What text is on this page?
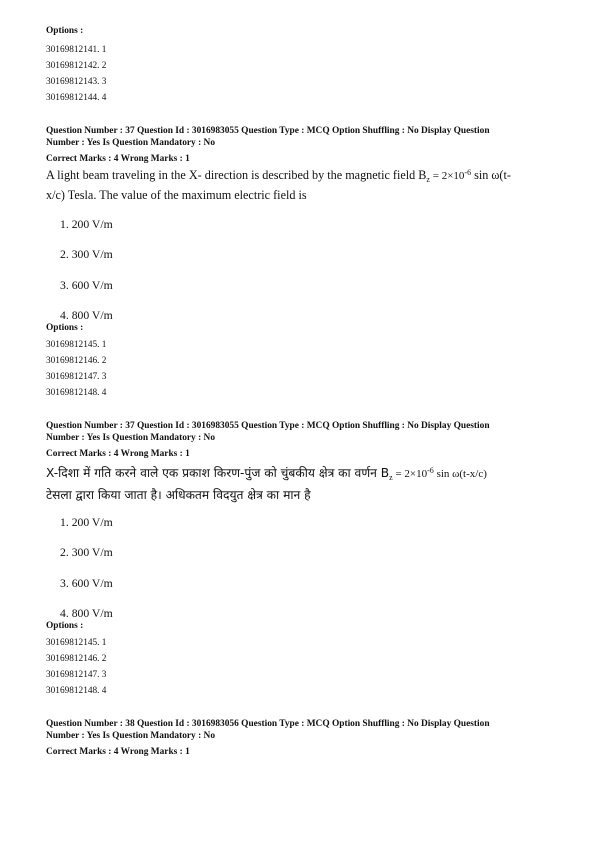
Options :
30169812141. 1
30169812142. 2
30169812143. 3
30169812144. 4
Question Number : 37 Question Id : 3016983055 Question Type : MCQ Option Shuffling : No Display Question
Number : Yes Is Question Mandatory : No
Correct Marks : 4 Wrong Marks : 1
A light beam traveling in the X- direction is described by the magnetic field $B_z = 2\times 10^{-6}$ sin ω(t-
x/c) Tesla. The value of the maximum electric field is
1. 200 V/m
2. 300 V/m
3. 600 V/m
4. 800 V/m
Options :
30169812145. 1
30169812146. 2
30169812147. 3
30169812148. 4
Question Number : 37 Question Id : 3016983055 Question Type : MCQ Option Shuffling : No Display Question
Number : Yes Is Question Mandatory : No
Correct Marks : 4 Wrong Marks : 1
X-दिशा में गति करने वाले एक प्रकाश किरण-पुंज को चुंबकीय क्षेत्र का वर्णन $B_z = 2\times 10^{-6}$ sin ω(t-x/c)
टेसला द्वारा किया जाता है। अधिकतम विदयुत क्षेत्र का मान है
1. 200 V/m
2. 300 V/m
3. 600 V/m
4. 800 V/m
Options :
30169812145. 1
30169812146. 2
30169812147. 3
30169812148. 4
Question Number : 38 Question Id : 3016983056 Question Type : MCQ Option Shuffling : No Display Question
Number : Yes Is Question Mandatory : No
Correct Marks : 4 Wrong Marks : 1
